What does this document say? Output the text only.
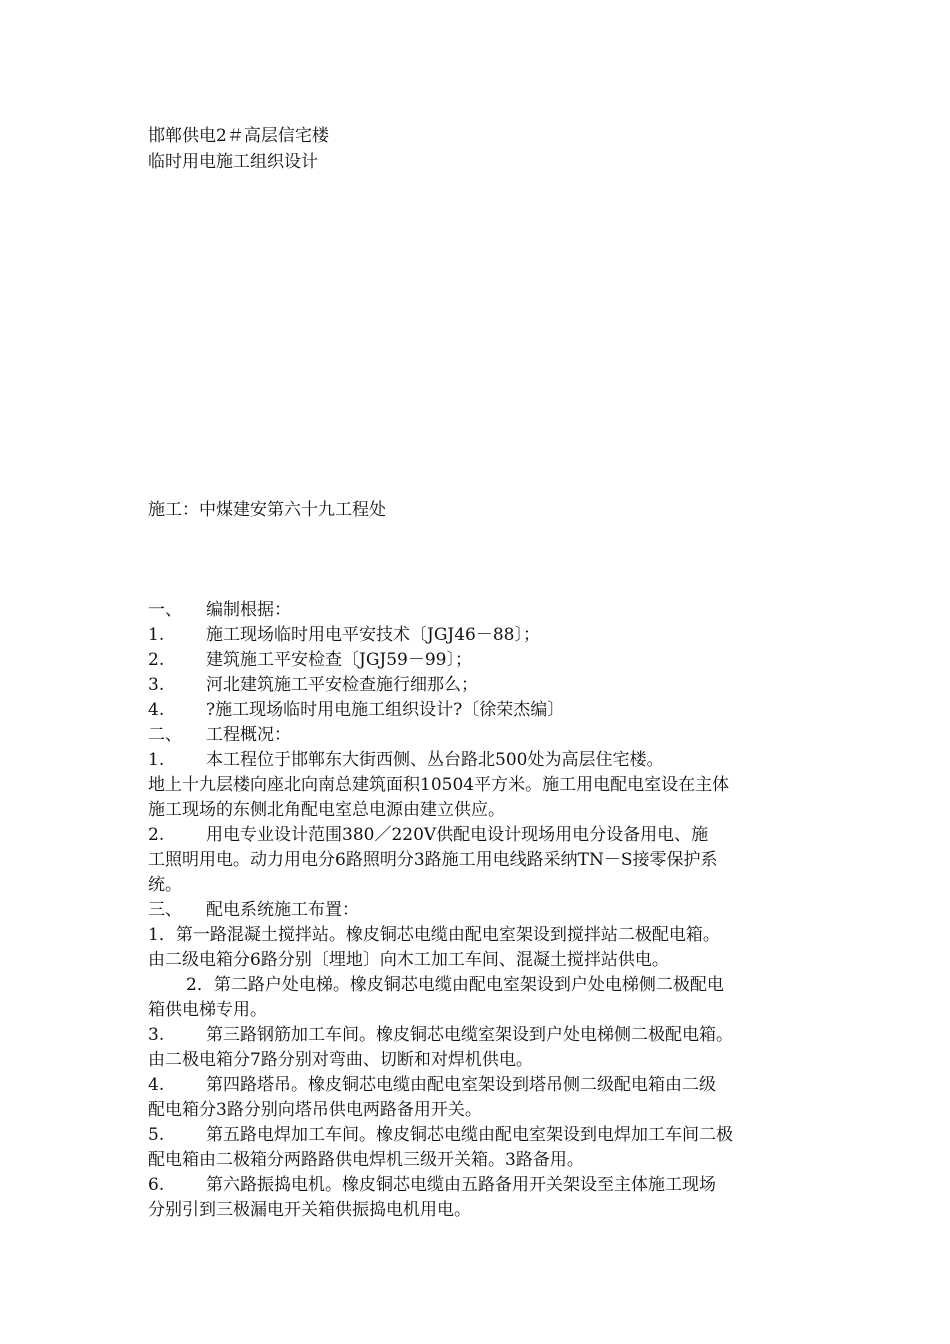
邯郸供电2＃高层信宅楼
临时用电施工组织设计
施工：中煤建安第六十九工程处
一、 编制根据：
1. 施工现场临时用电平安技术〔JGJ46－88〕；
2. 建筑施工平安检查〔JGJ59－99〕；
3. 河北建筑施工平安检查施行细那么；
4. ?施工现场临时用电施工组织设计?〔徐荣杰编〕
二、 工程概况：
1. 本工程位于邯郸东大街西侧、丛台路北500处为高层住宅楼。
地上十九层楼向座北向南总建筑面积10504平方米。施工用电配电室设在主体
施工现场的东侧北角配电室总电源由建立供应。
2. 用电专业设计范围380／220V供配电设计现场用电分设备用电、施
工照明用电。动力用电分6路照明分3路施工用电线路采纳TN－S接零保护系
统。
三、 配电系统施工布置：
1．第一路混凝土搅拌站。橡皮铜芯电缆由配电室架设到搅拌站二极配电箱。
由二级电箱分6路分别〔埋地〕向木工加工车间、混凝土搅拌站供电。
2．第二路户处电梯。橡皮铜芯电缆由配电室架设到户处电梯侧二极配电
箱供电梯专用。
3. 第三路钢筋加工车间。橡皮铜芯电缆室架设到户处电梯侧二极配电箱。
由二极电箱分7路分别对弯曲、切断和对焊机供电。
4. 第四路塔吊。橡皮铜芯电缆由配电室架设到塔吊侧二级配电箱由二级
配电箱分3路分别向塔吊供电两路备用开关。
5. 第五路电焊加工车间。橡皮铜芯电缆由配电室架设到电焊加工车间二极
配电箱由二极箱分两路路供电焊机三级开关箱。3路备用。
6. 第六路振捣电机。橡皮铜芯电缆由五路备用开关架设至主体施工现场
分别引到三极漏电开关箱供振捣电机用电。
